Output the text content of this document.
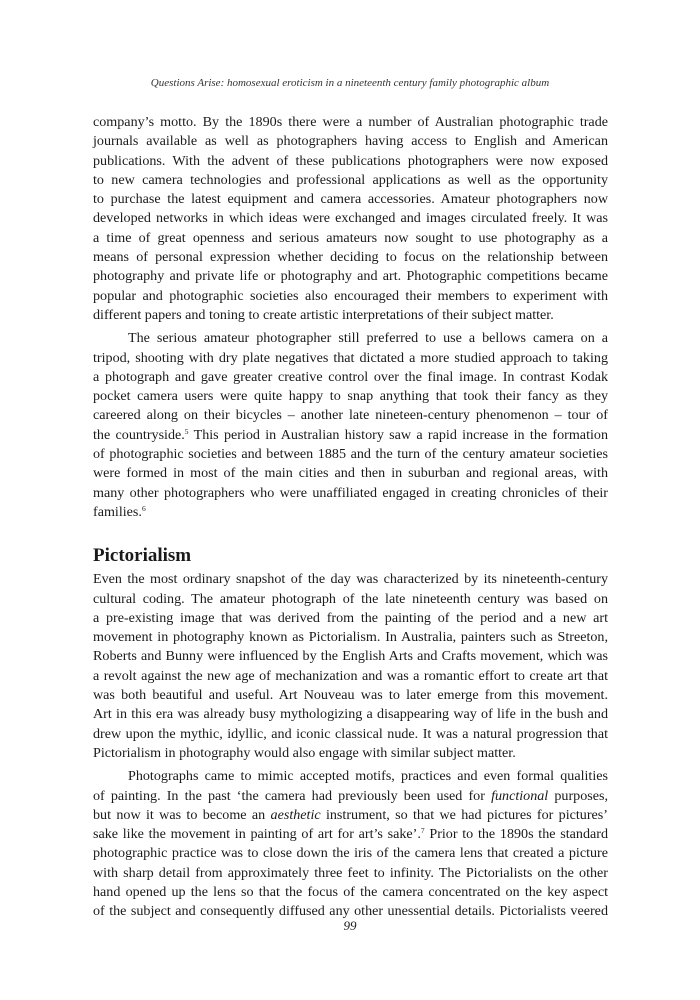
Questions Arise: homosexual eroticism in a nineteenth century family photographic album
company’s motto. By the 1890s there were a number of Australian photographic trade
journals available as well as photographers having access to English and American
publications. With the advent of these publications photographers were now exposed
to new camera technologies and professional applications as well as the opportunity
to purchase the latest equipment and camera accessories. Amateur photographers now
developed networks in which ideas were exchanged and images circulated freely. It was
a time of great openness and serious amateurs now sought to use photography as a
means of personal expression whether deciding to focus on the relationship between
photography and private life or photography and art. Photographic competitions became
popular and photographic societies also encouraged their members to experiment with
different papers and toning to create artistic interpretations of their subject matter.
The serious amateur photographer still preferred to use a bellows camera on a
tripod, shooting with dry plate negatives that dictated a more studied approach to taking
a photograph and gave greater creative control over the final image. In contrast Kodak
pocket camera users were quite happy to snap anything that took their fancy as they
careered along on their bicycles – another late nineteen-century phenomenon – tour of
the countryside.$^5$ This period in Australian history saw a rapid increase in the formation
of photographic societies and between 1885 and the turn of the century amateur societies
were formed in most of the main cities and then in suburban and regional areas, with
many other photographers who were unaffiliated engaged in creating chronicles of their
families.$^6$
Pictorialism
Even the most ordinary snapshot of the day was characterized by its nineteenth-century
cultural coding. The amateur photograph of the late nineteenth century was based on
a pre-existing image that was derived from the painting of the period and a new art
movement in photography known as Pictorialism. In Australia, painters such as Streeton,
Roberts and Bunny were influenced by the English Arts and Crafts movement, which was
a revolt against the new age of mechanization and was a romantic effort to create art that
was both beautiful and useful. Art Nouveau was to later emerge from this movement.
Art in this era was already busy mythologizing a disappearing way of life in the bush and
drew upon the mythic, idyllic, and iconic classical nude. It was a natural progression that
Pictorialism in photography would also engage with similar subject matter.
Photographs came to mimic accepted motifs, practices and even formal qualities
of painting. In the past ‘the camera had previously been used for functional purposes,
but now it was to become an aesthetic instrument, so that we had pictures for pictures’
sake like the movement in painting of art for art’s sake’.$^7$ Prior to the 1890s the standard
photographic practice was to close down the iris of the camera lens that created a picture
with sharp detail from approximately three feet to infinity. The Pictorialists on the other
hand opened up the lens so that the focus of the camera concentrated on the key aspect
of the subject and consequently diffused any other unessential details. Pictorialists veered
99
